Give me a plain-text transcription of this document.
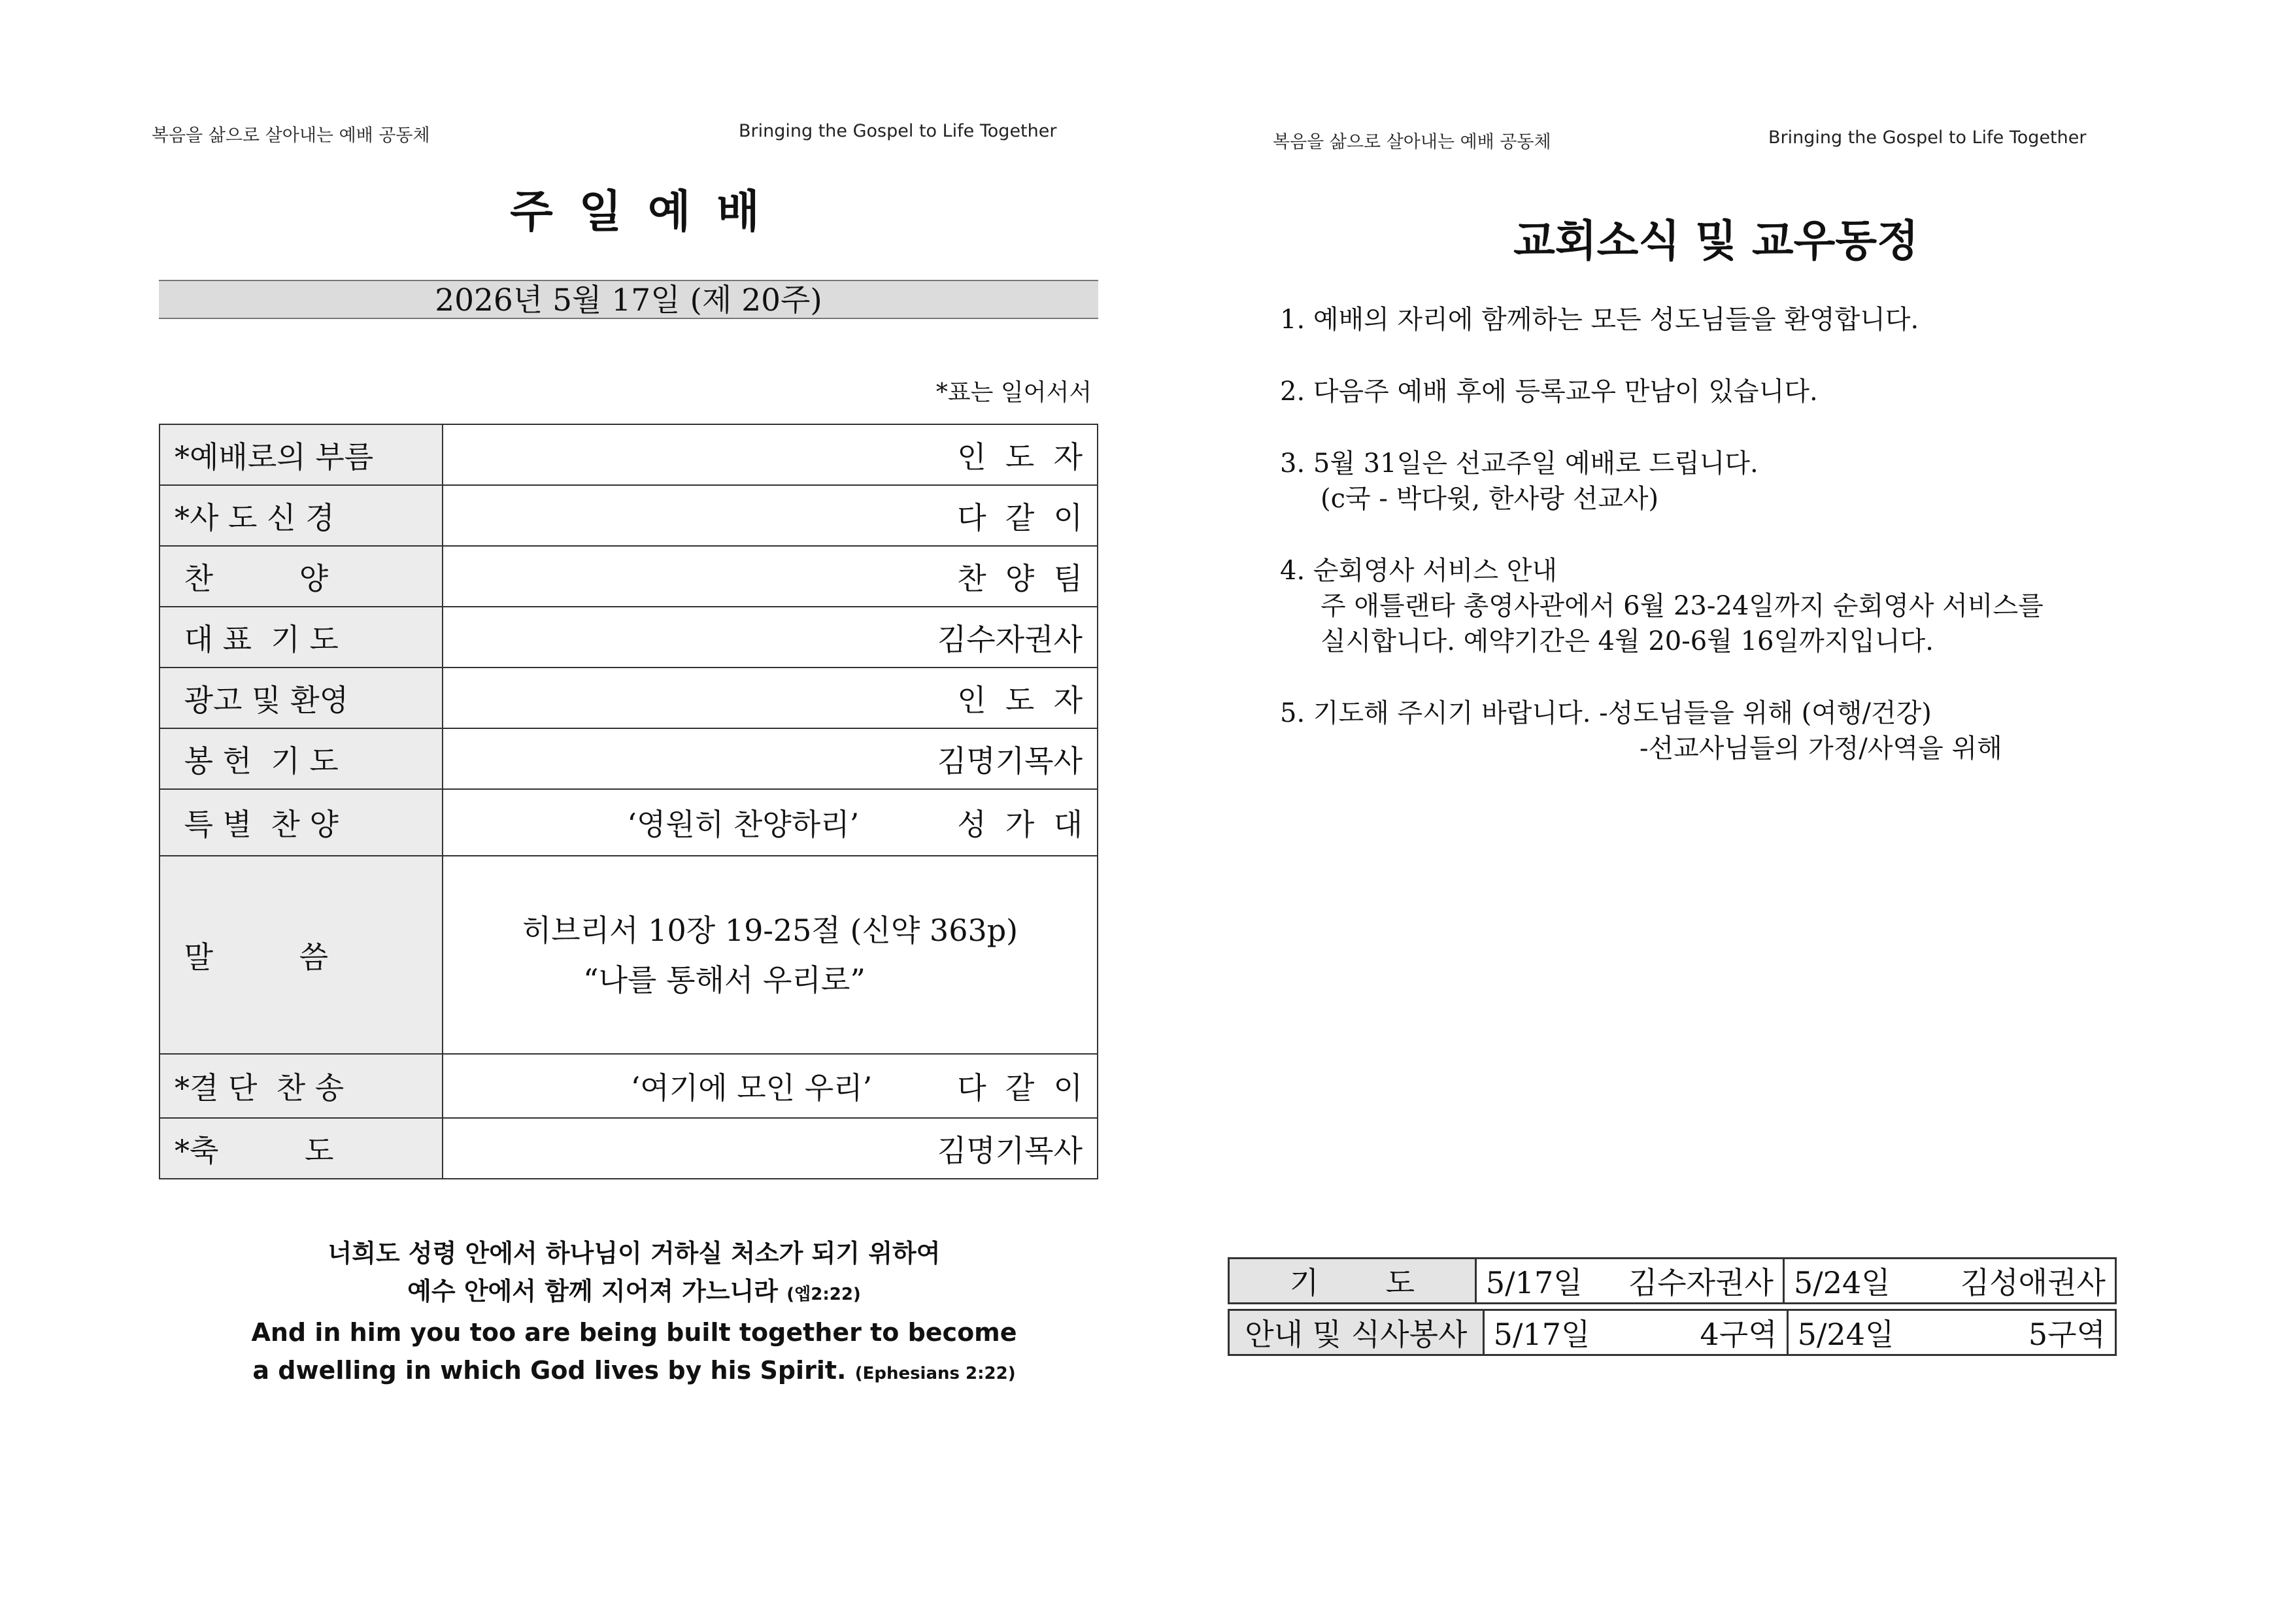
복음을 삶으로 살아내는 예배 공동체	Bringing the Gospel to Life Together
주 일 예 배
2026년 5월 17일 (제 20주)
*표는 일어서서
*예배로의 부름	인  도  자
*사 도 신 경	다  같  이
찬         양	찬  양  팀
대 표  기 도	김수자권사
광고 및 환영	인  도  자
봉 헌  기 도	김명기목사
특 별  찬 양	‘영원히 찬양하리’ 성  가  대
말         씀	히브리서 10장 19-25절 (신약 363p)
“나를 통해서 우리로”

*결 단  찬 송	‘여기에 모인 우리’ 다  같  이
*축         도	김명기목사
너희도 성령 안에서 하나님이 거하실 처소가 되기 위하여
예수 안에서 함께 지어져 가느니라 (엡2:22)
And in him you too are being built together to become
a dwelling in which God lives by his Spirit. (Ephesians 2:22)
복음을 삶으로 살아내는 예배 공동체	Bringing the Gospel to Life Together
교회소식 및 교우동정
1. 예배의 자리에 함께하는 모든 성도님들을 환영합니다.
2. 다음주 예배 후에 등록교우 만남이 있습니다.
3. 5월 31일은 선교주일 예배로 드립니다.
(c국 - 박다윗, 한사랑 선교사)
4. 순회영사 서비스 안내
주 애틀랜타 총영사관에서 6월 23-24일까지 순회영사 서비스를
실시합니다. 예약기간은 4월 20-6월 16일까지입니다.
5. 기도해 주시기 바랍니다. -성도님들을 위해 (여행/건강)
-선교사님들의 가정/사역을 위해
기       도	5/17일 김수자권사	5/24일 김성애권사
안내 및 식사봉사	5/17일	4구역	5/24일	5구역
